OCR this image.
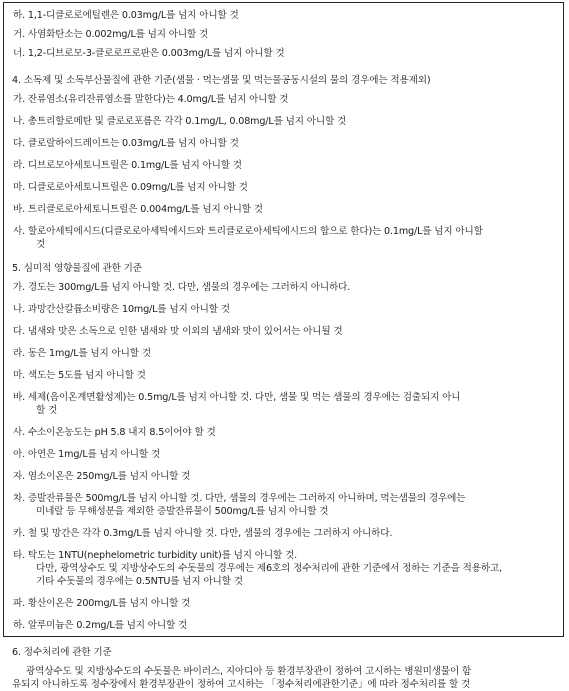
하. 1,1-디클로로에틸렌은 0.03mg/L를 넘지 아니할 것
거. 사염화탄소는 0.002mg/L를 넘지 아니할 것
너. 1,2-디브로모-3-클로로프로판은 0.003mg/L를 넘지 아니할 것
4. 소독제 및 소독부산물질에 관한 기준(샘물 · 먹는샘물 및 먹는물공동시설의 물의 경우에는 적용제외)
가. 잔류염소(유리잔류염소를 말한다)는 4.0mg/L를 넘지 아니할 것
나. 총트리할로메탄 및 클로로포름은 각각 0.1mg/L, 0.08mg/L를 넘지 아니할 것
다. 클로랄하이드레이트는 0.03mg/L를 넘지 아니할 것
라. 디브로모아세토니트릴은 0.1mg/L를 넘지 아니할 것
마. 디클로로아세토니트릴은 0.09mg/L를 넘지 아니할 것
바. 트리클로로아세토니트릴은 0.004mg/L를 넘지 아니할 것
사. 할로아세틱에시드(디클로로아세틱에시드와 트리클로로아세틱에시드의 합으로 한다)는 0.1mg/L를 넘지 아니할
것
5. 심미적 영향물질에 관한 기준
가. 경도는 300mg/L를 넘지 아니할 것. 다만, 샘물의 경우에는 그러하지 아니하다.
나. 과망간산칼륨소비량은 10mg/L를 넘지 아니할 것
다. 냄새와 맛은 소독으로 인한 냄새와 맛 이외의 냄새와 맛이 있어서는 아니될 것
라. 동은 1mg/L를 넘지 아니할 것
마. 색도는 5도를 넘지 아니할 것
바. 세제(음이온계면활성제)는 0.5mg/L를 넘지 아니할 것. 다만, 샘물 및 먹는 샘물의 경우에는 검출되지 아니
할 것
사. 수소이온농도는 pH 5.8 내지 8.5이어야 할 것
아. 아연은 1mg/L를 넘지 아니할 것
자. 염소이온은 250mg/L를 넘지 아니할 것
차. 증발잔류물은 500mg/L를 넘지 아니할 것. 다만, 샘물의 경우에는 그러하지 아니하며, 먹는샘물의 경우에는
미네랄 등 무해성분을 제외한 증발잔류물이 500mg/L를 넘지 아니할 것
카. 철 및 망간은 각각 0.3mg/L를 넘지 아니할 것. 다만, 샘물의 경우에는 그러하지 아니하다.
타. 탁도는 1NTU(nephelometric turbidity unit)를 넘지 아니할 것.
다만, 광역상수도 및 지방상수도의 수돗물의 경우에는 제6호의 정수처리에 관한 기준에서 정하는 기준을 적용하고,
기타 수돗물의 경우에는 0.5NTU를 넘지 아니할 것
파. 황산이온은 200mg/L를 넘지 아니할 것
하. 알루미늄은 0.2mg/L를 넘지 아니할 것
6. 정수처리에 관한 기준
광역상수도 및 지방상수도의 수돗물은 바이러스, 지아디아 등 환경부장관이 정하여 고시하는 병원미생물이 함
유되지 아니하도록 정수장에서 환경부장관이 정하여 고시하는 「정수처리에관한기준」에 따라 정수처리를 할 것
